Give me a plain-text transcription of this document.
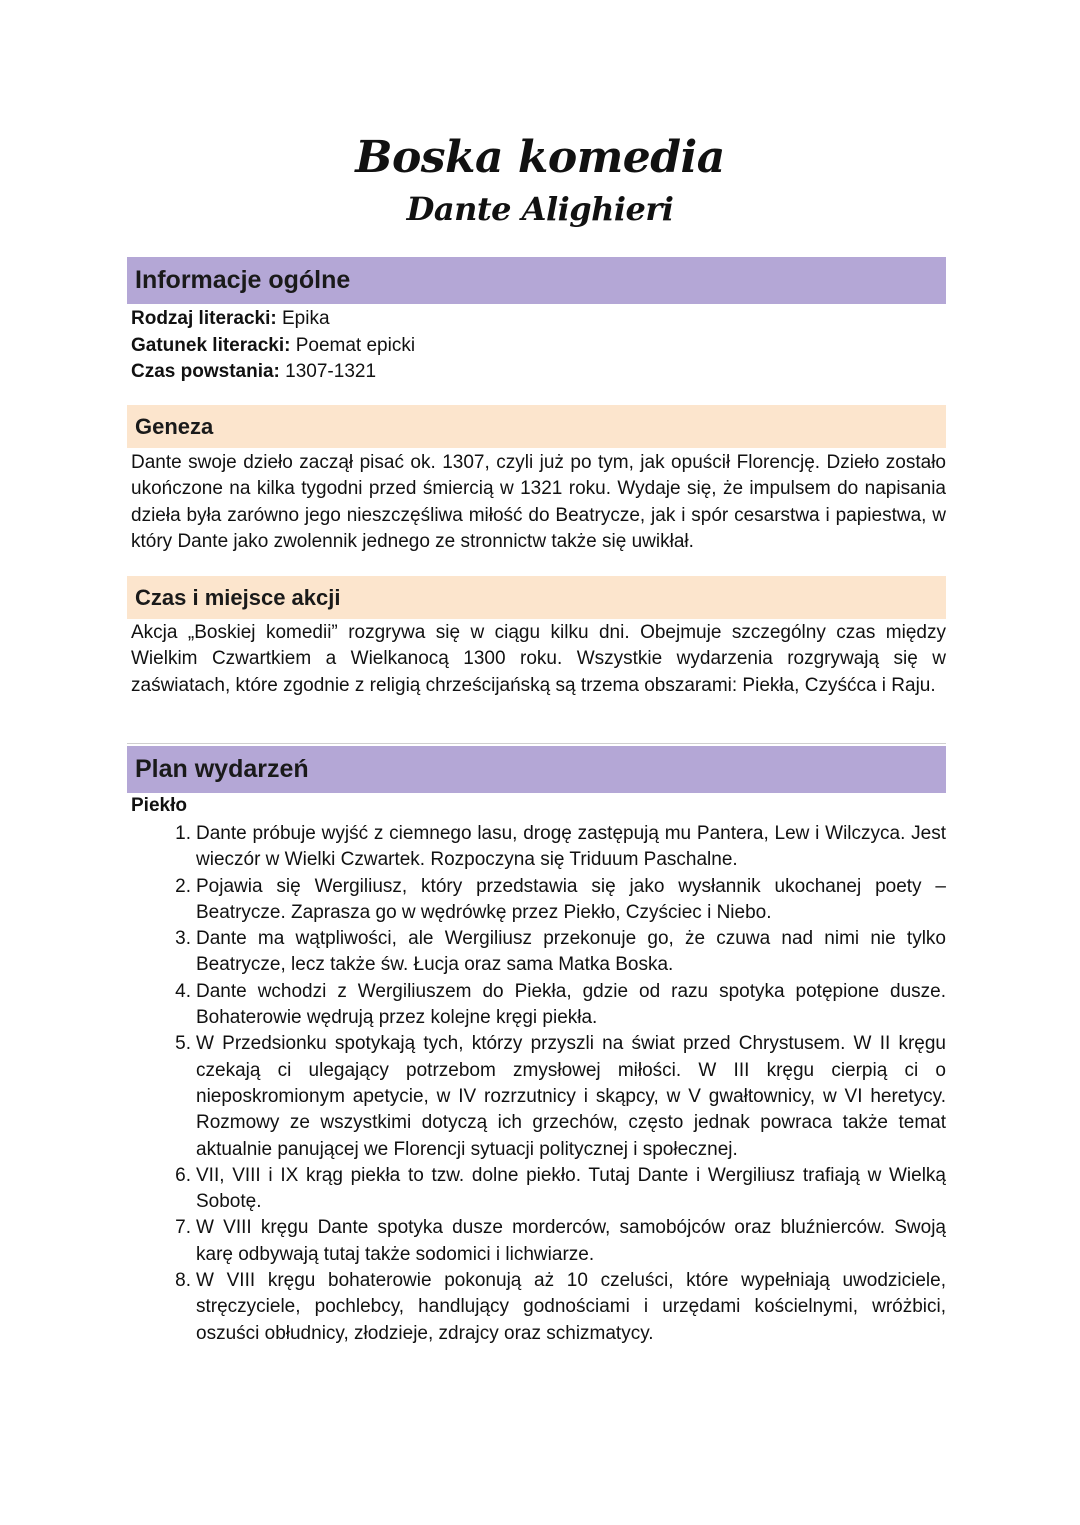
Boska komedia
Dante Alighieri
Informacje ogólne
Rodzaj literacki: Epika
Gatunek literacki: Poemat epicki
Czas powstania: 1307-1321
Geneza

Dante swoje dzieło zaczął pisać ok. 1307, czyli już po tym, jak opuścił Florencję. Dzieło zostało ukończone na kilka tygodni przed śmiercią w 1321 roku. Wydaje się, że impulsem do napisania dzieła była zarówno jego nieszczęśliwa miłość do Beatrycze, jak i spór cesarstwa i papiestwa, w który Dante jako zwolennik jednego ze stronnictw także się uwikłał.

Czas i miejsce akcji

Akcja „Boskiej komedii” rozgrywa się w ciągu kilku dni. Obejmuje szczególny czas między Wielkim Czwartkiem a Wielkanocą 1300 roku. Wszystkie wydarzenia rozgrywają się w zaświatach, które zgodnie z religią chrześcijańską są trzema obszarami: Piekła, Czyśćca i Raju.

Plan wydarzeń
Piekło
1. Dante próbuje wyjść z ciemnego lasu, drogę zastępują mu Pantera, Lew i Wilczyca. Jest wieczór w Wielki Czwartek. Rozpoczyna się Triduum Paschalne.
2. Pojawia się Wergiliusz, który przedstawia się jako wysłannik ukochanej poety – Beatrycze. Zaprasza go w wędrówkę przez Piekło, Czyściec i Niebo.
3. Dante ma wątpliwości, ale Wergiliusz przekonuje go, że czuwa nad nimi nie tylko Beatrycze, lecz także św. Łucja oraz sama Matka Boska.
4. Dante wchodzi z Wergiliuszem do Piekła, gdzie od razu spotyka potępione dusze. Bohaterowie wędrują przez kolejne kręgi piekła.
5. W Przedsionku spotykają tych, którzy przyszli na świat przed Chrystusem. W II kręgu czekają ci ulegający potrzebom zmysłowej miłości. W III kręgu cierpią ci o nieposkromionym apetycie, w IV rozrzutnicy i skąpcy, w V gwałtownicy, w VI heretycy. Rozmowy ze wszystkimi dotyczą ich grzechów, często jednak powraca także temat aktualnie panującej we Florencji sytuacji politycznej i społecznej.
6. VII, VIII i IX krąg piekła to tzw. dolne piekło. Tutaj Dante i Wergiliusz trafiają w Wielką Sobotę.
7. W VIII kręgu Dante spotyka dusze morderców, samobójców oraz bluźnierców. Swoją karę odbywają tutaj także sodomici i lichwiarze.
8. W VIII kręgu bohaterowie pokonują aż 10 czeluści, które wypełniają uwodziciele, stręczyciele, pochlebcy, handlujący godnościami i urzędami kościelnymi, wróżbici, oszuści obłudnicy, złodzieje, zdrajcy oraz schizmatycy.
